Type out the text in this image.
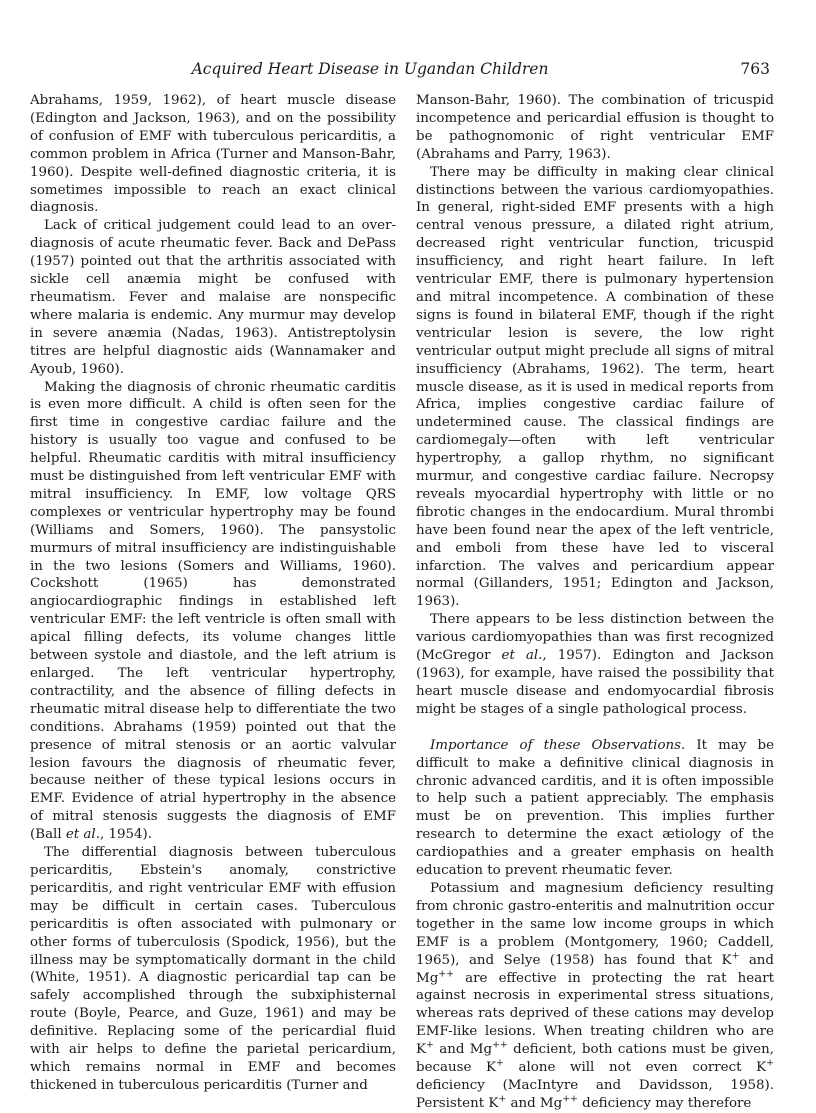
Acquired Heart Disease in Ugandan Children	763

Abrahams, 1959, 1962), of heart muscle disease (Edington and Jackson, 1963), and on the possibility of confusion of EMF with tuberculous pericarditis, a common problem in Africa (Turner and Manson-Bahr, 1960). Despite well-defined diagnostic criteria, it is sometimes impossible to reach an exact clinical diagnosis.

Lack of critical judgement could lead to an over-diagnosis of acute rheumatic fever. Back and DePass (1957) pointed out that the arthritis associated with sickle cell anæmia might be confused with rheumatism. Fever and malaise are nonspecific where malaria is endemic. Any murmur may develop in severe anæmia (Nadas, 1963). Antistreptolysin titres are helpful diagnostic aids (Wannamaker and Ayoub, 1960).

Making the diagnosis of chronic rheumatic carditis is even more difficult. A child is often seen for the first time in congestive cardiac failure and the history is usually too vague and confused to be helpful. Rheumatic carditis with mitral insufficiency must be distinguished from left ventricular EMF with mitral insufficiency. In EMF, low voltage QRS complexes or ventricular hypertrophy may be found (Williams and Somers, 1960). The pansystolic murmurs of mitral insufficiency are indistinguishable in the two lesions (Somers and Williams, 1960). Cockshott (1965) has demonstrated angiocardiographic findings in established left ventricular EMF: the left ventricle is often small with apical filling defects, its volume changes little between systole and diastole, and the left atrium is enlarged. The left ventricular hypertrophy, contractility, and the absence of filling defects in rheumatic mitral disease help to differentiate the two conditions. Abrahams (1959) pointed out that the presence of mitral stenosis or an aortic valvular lesion favours the diagnosis of rheumatic fever, because neither of these typical lesions occurs in EMF. Evidence of atrial hypertrophy in the absence of mitral stenosis suggests the diagnosis of EMF (Ball et al., 1954).

The differential diagnosis between tuberculous pericarditis, Ebstein's anomaly, constrictive pericarditis, and right ventricular EMF with effusion may be difficult in certain cases. Tuberculous pericarditis is often associated with pulmonary or other forms of tuberculosis (Spodick, 1956), but the illness may be symptomatically dormant in the child (White, 1951). A diagnostic pericardial tap can be safely accomplished through the subxiphisternal route (Boyle, Pearce, and Guze, 1961) and may be definitive. Replacing some of the pericardial fluid with air helps to define the parietal pericardium, which remains normal in EMF and becomes thickened in tuberculous pericarditis (Turner and

Manson-Bahr, 1960). The combination of tricuspid incompetence and pericardial effusion is thought to be pathognomonic of right ventricular EMF (Abrahams and Parry, 1963).

There may be difficulty in making clear clinical distinctions between the various cardiomyopathies. In general, right-sided EMF presents with a high central venous pressure, a dilated right atrium, decreased right ventricular function, tricuspid insufficiency, and right heart failure. In left ventricular EMF, there is pulmonary hypertension and mitral incompetence. A combination of these signs is found in bilateral EMF, though if the right ventricular lesion is severe, the low right ventricular output might preclude all signs of mitral insufficiency (Abrahams, 1962). The term, heart muscle disease, as it is used in medical reports from Africa, implies congestive cardiac failure of undetermined cause. The classical findings are cardiomegaly—often with left ventricular hypertrophy, a gallop rhythm, no significant murmur, and congestive cardiac failure. Necropsy reveals myocardial hypertrophy with little or no fibrotic changes in the endocardium. Mural thrombi have been found near the apex of the left ventricle, and emboli from these have led to visceral infarction. The valves and pericardium appear normal (Gillanders, 1951; Edington and Jackson, 1963).

There appears to be less distinction between the various cardiomyopathies than was first recognized (McGregor et al., 1957). Edington and Jackson (1963), for example, have raised the possibility that heart muscle disease and endomyocardial fibrosis might be stages of a single pathological process.

Importance of these Observations. It may be difficult to make a definitive clinical diagnosis in chronic advanced carditis, and it is often impossible to help such a patient appreciably. The emphasis must be on prevention. This implies further research to determine the exact ætiology of the cardiopathies and a greater emphasis on health education to prevent rheumatic fever.

Potassium and magnesium deficiency resulting from chronic gastro-enteritis and malnutrition occur together in the same low income groups in which EMF is a problem (Montgomery, 1960; Caddell, 1965), and Selye (1958) has found that K+ and Mg++ are effective in protecting the rat heart against necrosis in experimental stress situations, whereas rats deprived of these cations may develop EMF-like lesions. When treating children who are K+ and Mg++ deficient, both cations must be given, because K+ alone will not even correct K+ deficiency (MacIntyre and Davidsson, 1958). Persistent K+ and Mg++ deficiency may therefore
